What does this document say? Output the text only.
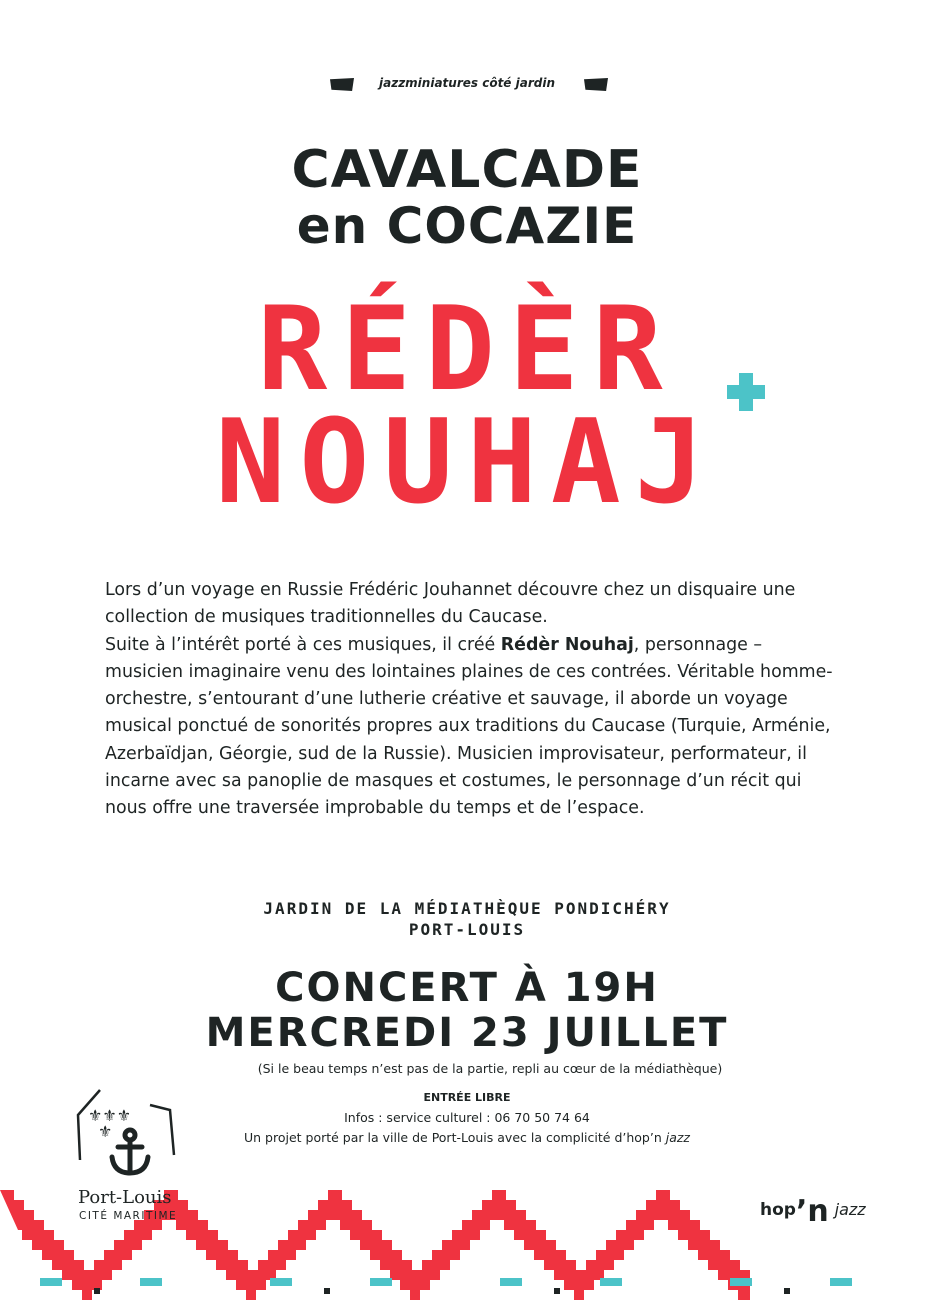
jazzminiatures côté jardin
CAVALCADE
en COCAZIE
RÉDÈR
NOUHAJ

Lors d’un voyage en Russie Frédéric Jouhannet découvre chez un disquaire une collection de musiques traditionnelles du Caucase.

Suite à l’intérêt porté à ces musiques, il créé Rédèr Nouhaj, personnage – musicien imaginaire venu des lointaines plaines de ces contrées. Véritable homme-orchestre, s’entourant d’une lutherie créative et sauvage, il aborde un voyage musical ponctué de sonorités propres aux traditions du Caucase (Turquie, Arménie, Azerbaïdjan, Géorgie, sud de la Russie). Musicien improvisateur, performateur, il incarne avec sa panoplie de masques et costumes, le personnage d’un récit qui nous offre une traversée improbable du temps et de l’espace.

JARDIN DE LA MÉDIATHÈQUE PONDICHÉRY
PORT-LOUIS
CONCERT À 19H
MERCREDI 23 JUILLET
(Si le beau temps n’est pas de la partie, repli au cœur de la médiathèque)
ENTRÉE LIBRE
Infos : service culturel : 06 70 50 74 64
Un projet porté par la ville de Port-Louis avec la complicité d’hop’n jazz
⚜⚜⚜
⚜
Port-Louis
CITÉ MARITIME	hop’n jazz
